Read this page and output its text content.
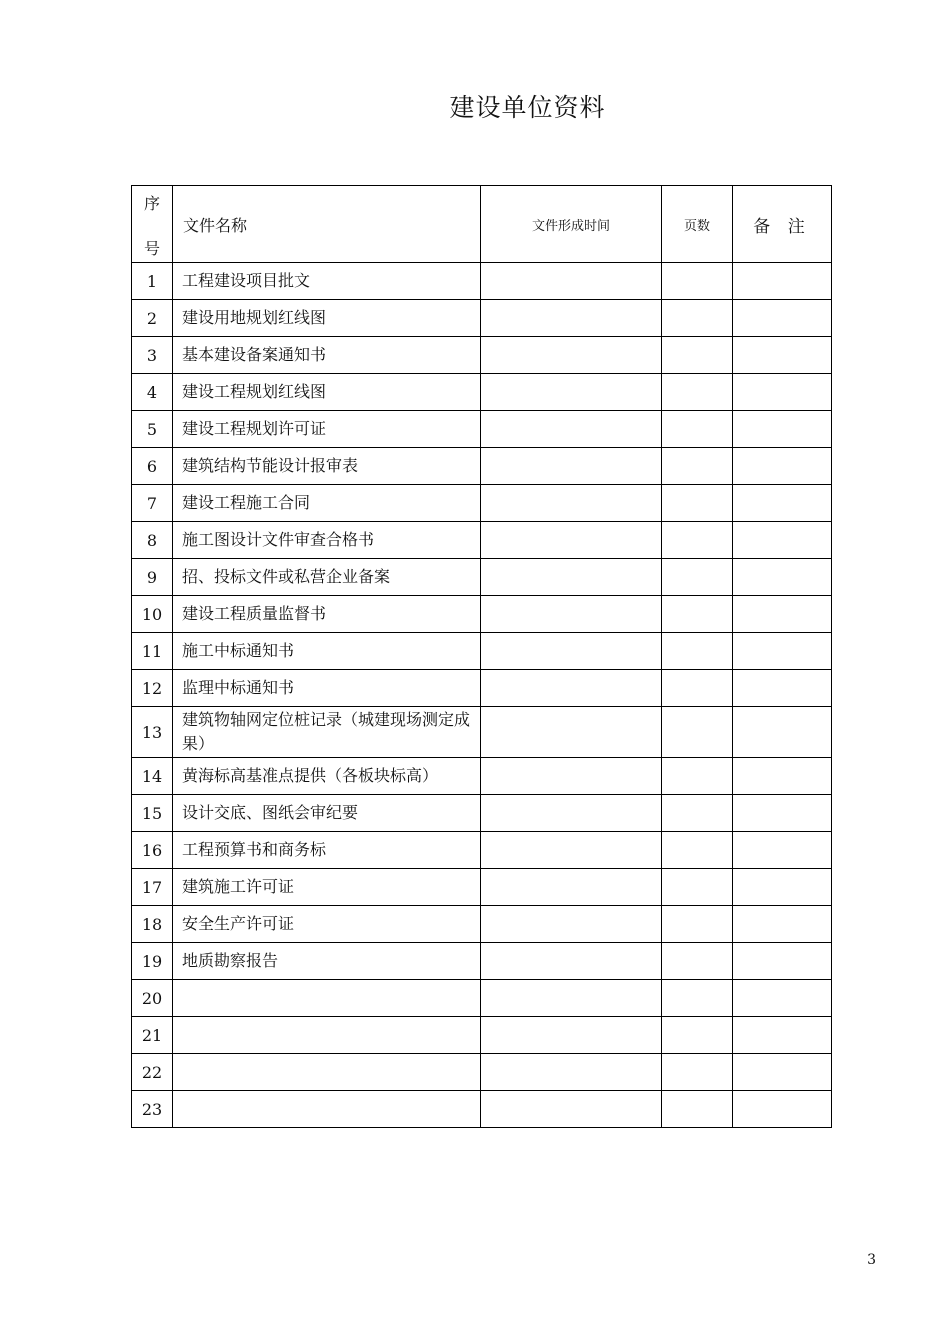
建设单位资料
序
号	文件名称	文件形成时间	页数	备 注
1	工程建设项目批文			
2	建设用地规划红线图			
3	基本建设备案通知书			
4	建设工程规划红线图			
5	建设工程规划许可证			
6	建筑结构节能设计报审表			
7	建设工程施工合同			
8	施工图设计文件审查合格书			
9	招、投标文件或私营企业备案			
10	建设工程质量监督书			
11	施工中标通知书			
12	监理中标通知书			
13	建筑物轴网定位桩记录（城建现场测定成果）			
14	黄海标高基准点提供（各板块标高）			
15	设计交底、图纸会审纪要			
16	工程预算书和商务标			
17	建筑施工许可证			
18	安全生产许可证			
19	地质勘察报告			
20				
21				
22				
23				
3
